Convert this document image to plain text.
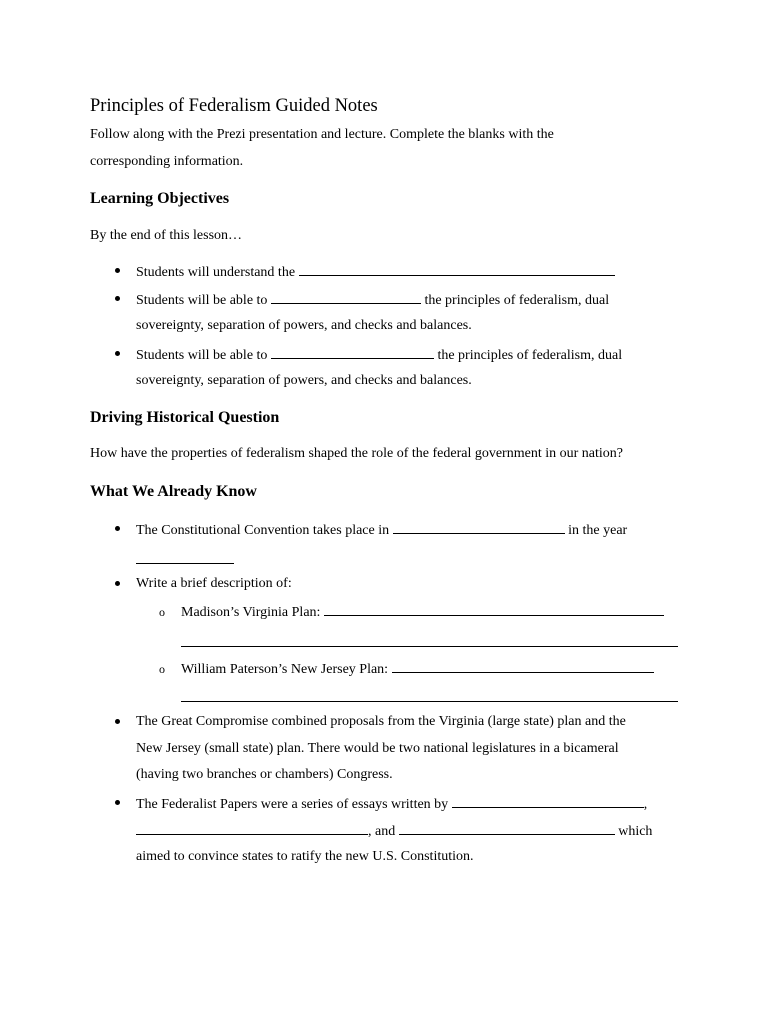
Principles of Federalism Guided Notes
Follow along with the Prezi presentation and lecture. Complete the blanks with the
corresponding information.
Learning Objectives
By the end of this lesson…
Students will understand the
Students will be able to	the principles of federalism, dual
sovereignty, separation of powers, and checks and balances.
Students will be able to	the principles of federalism, dual
sovereignty, separation of powers, and checks and balances.
Driving Historical Question
How have the properties of federalism shaped the role of the federal government in our nation?
What We Already Know
The Constitutional Convention takes place in	in the year
Write a brief description of:
o Madison’s Virginia Plan:
o William Paterson’s New Jersey Plan:
The Great Compromise combined proposals from the Virginia (large state) plan and the
New Jersey (small state) plan. There would be two national legislatures in a bicameral
(having two branches or chambers) Congress.
The Federalist Papers were a series of essays written by	,
, and	which
aimed to convince states to ratify the new U.S. Constitution.
